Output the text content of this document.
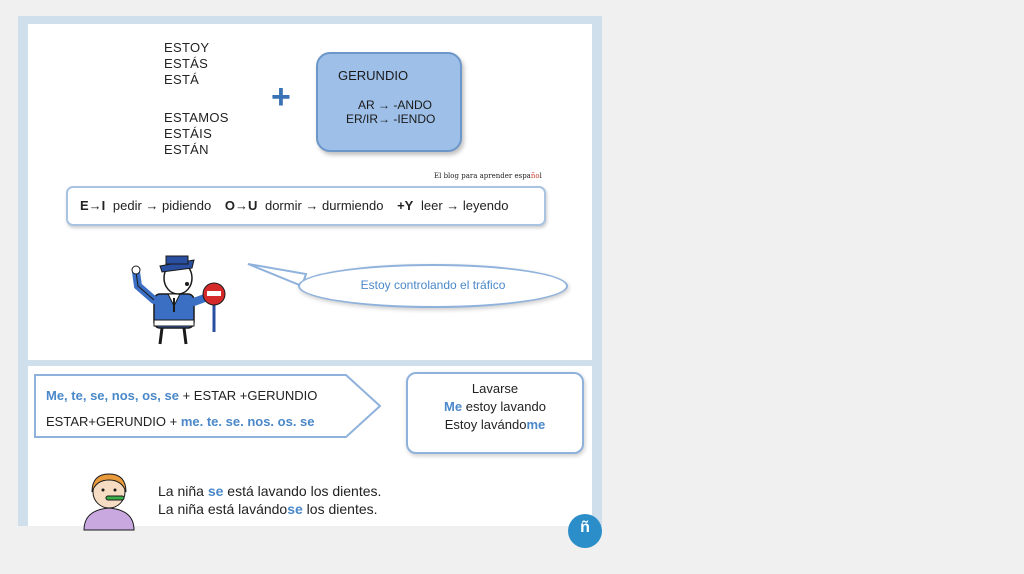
ESTOY
ESTÁS
ESTÁ
ESTAMOS
ESTÁIS
ESTÁN
+
GERUNDIO
AR → -ANDO
ER/IR→ -IENDO
El blog para aprender español
E→I pedir → pidiendo O→U dormir → durmiendo +Y leer → leyendo
Estoy controlando el tráfico
Me, te, se, nos, os, se + ESTAR +GERUNDIO
ESTAR+GERUNDIO + me. te. se. nos. os. se
Lavarse
Me estoy lavando
Estoy lavándome
La niña se está lavando los dientes.
La niña está lavándose los dientes.
ñ
